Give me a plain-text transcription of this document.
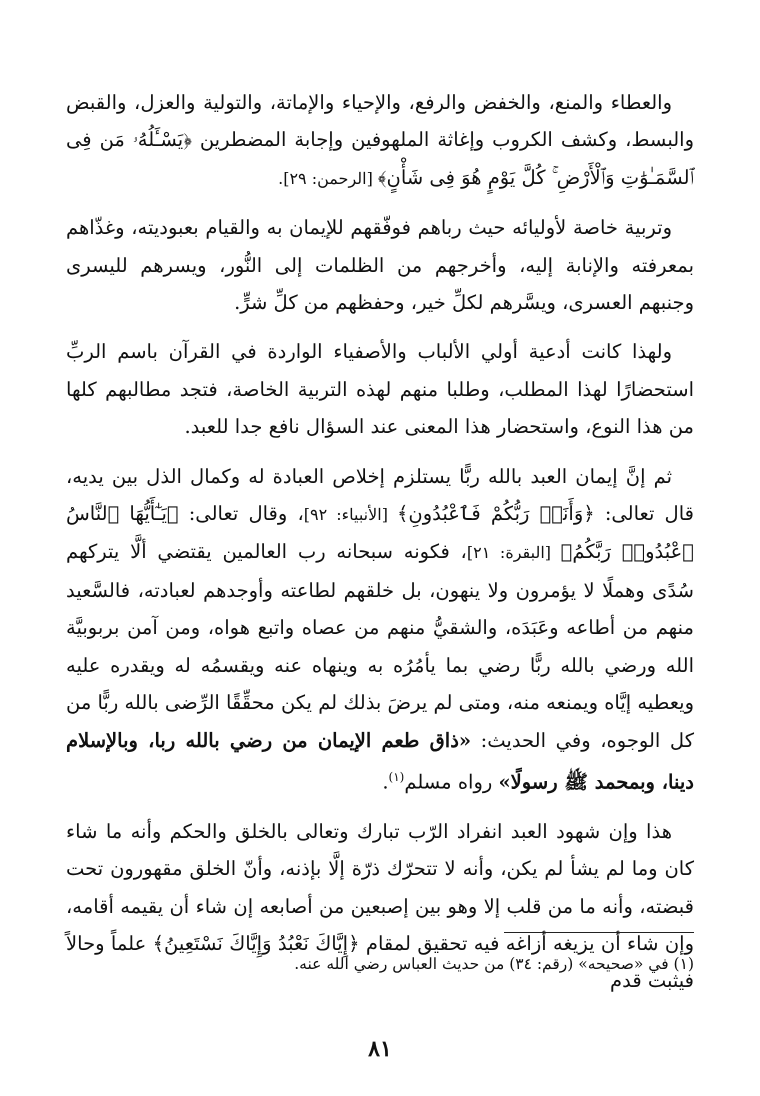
والعطاء والمنع، والخفض والرفع، والإحياء والإماتة، والتولية والعزل، والقبض والبسط، وكشف الكروب وإغاثة الملهوفين وإجابة المضطرين ﴿يَسْـَٔلُهُۥ مَن فِى ٱلسَّمَـٰوَٰتِ وَٱلْأَرْضِ ۚ كُلَّ يَوْمٍ هُوَ فِى شَأْنٍ﴾ [الرحمن: ٢٩].

وتربية خاصة لأوليائه حيث رباهم فوفّقهم للإيمان به والقيام بعبوديته، وغذّاهم بمعرفته والإنابة إليه، وأخرجهم من الظلمات إلى النُّور، ويسرهم لليسرى وجنبهم العسرى، ويسَّرهم لكلِّ خير، وحفظهم من كلِّ شرٍّ.

ولهذا كانت أدعية أولي الألباب والأصفياء الواردة في القرآن باسم الربِّ استحضارًا لهذا المطلب، وطلبا منهم لهذه التربية الخاصة، فتجد مطالبهم كلها من هذا النوع، واستحضار هذا المعنى عند السؤال نافع جدا للعبد.

ثم إنَّ إيمان العبد بالله ربًّا يستلزم إخلاص العبادة له وكمال الذل بين يديه، قال تعالى: ﴿وَأَنَا۠ رَبُّكُمْ فَٱعْبُدُونِ﴾ [الأنبياء: ٩٢]، وقال تعالى: ﴿يَـٰٓأَيُّهَا ٱلنَّاسُ ٱعْبُدُوا۟ رَبَّكُمُ﴾ [البقرة: ٢١]، فكونه سبحانه رب العالمين يقتضي ألَّا يتركهم سُدًى وهملًا لا يؤمرون ولا ينهون، بل خلقهم لطاعته وأوجدهم لعبادته، فالسَّعيد منهم من أطاعه وعَبَدَه، والشقيُّ منهم من عصاه واتبع هواه، ومن آمن بربوبيَّة الله ورضي بالله ربًّا رضي بما يأمُرُه به وينهاه عنه ويقسمُه له ويقدره عليه ويعطيه إيَّاه ويمنعه منه، ومتى لم يرضَ بذلك لم يكن محقِّقًا الرِّضى بالله ربًّا من كل الوجوه، وفي الحديث: «ذاق طعم الإيمان من رضي بالله ربا، وبالإسلام دينا، وبمحمد ﷺ رسولًا» رواه مسلم$^{(١)}$.

هذا وإن شهود العبد انفراد الرّب تبارك وتعالى بالخلق والحكم وأنه ما شاء كان وما لم يشأ لم يكن، وأنه لا تتحرّك ذرّة إلَّا بإذنه، وأنّ الخلق مقهورون تحت قبضته، وأنه ما من قلب إلا وهو بين إصبعين من أصابعه إن شاء أن يقيمه أقامه، وإن شاء أن يزيغه أزاغه فيه تحقيق لمقام ﴿إِيَّاكَ نَعْبُدُ وَإِيَّاكَ نَسْتَعِينُ﴾ علماً وحالاً فيثبت قدم

(١) في «صحيحه» (رقم: ٣٤) من حديث العباس رضي الله عنه.
٨١
